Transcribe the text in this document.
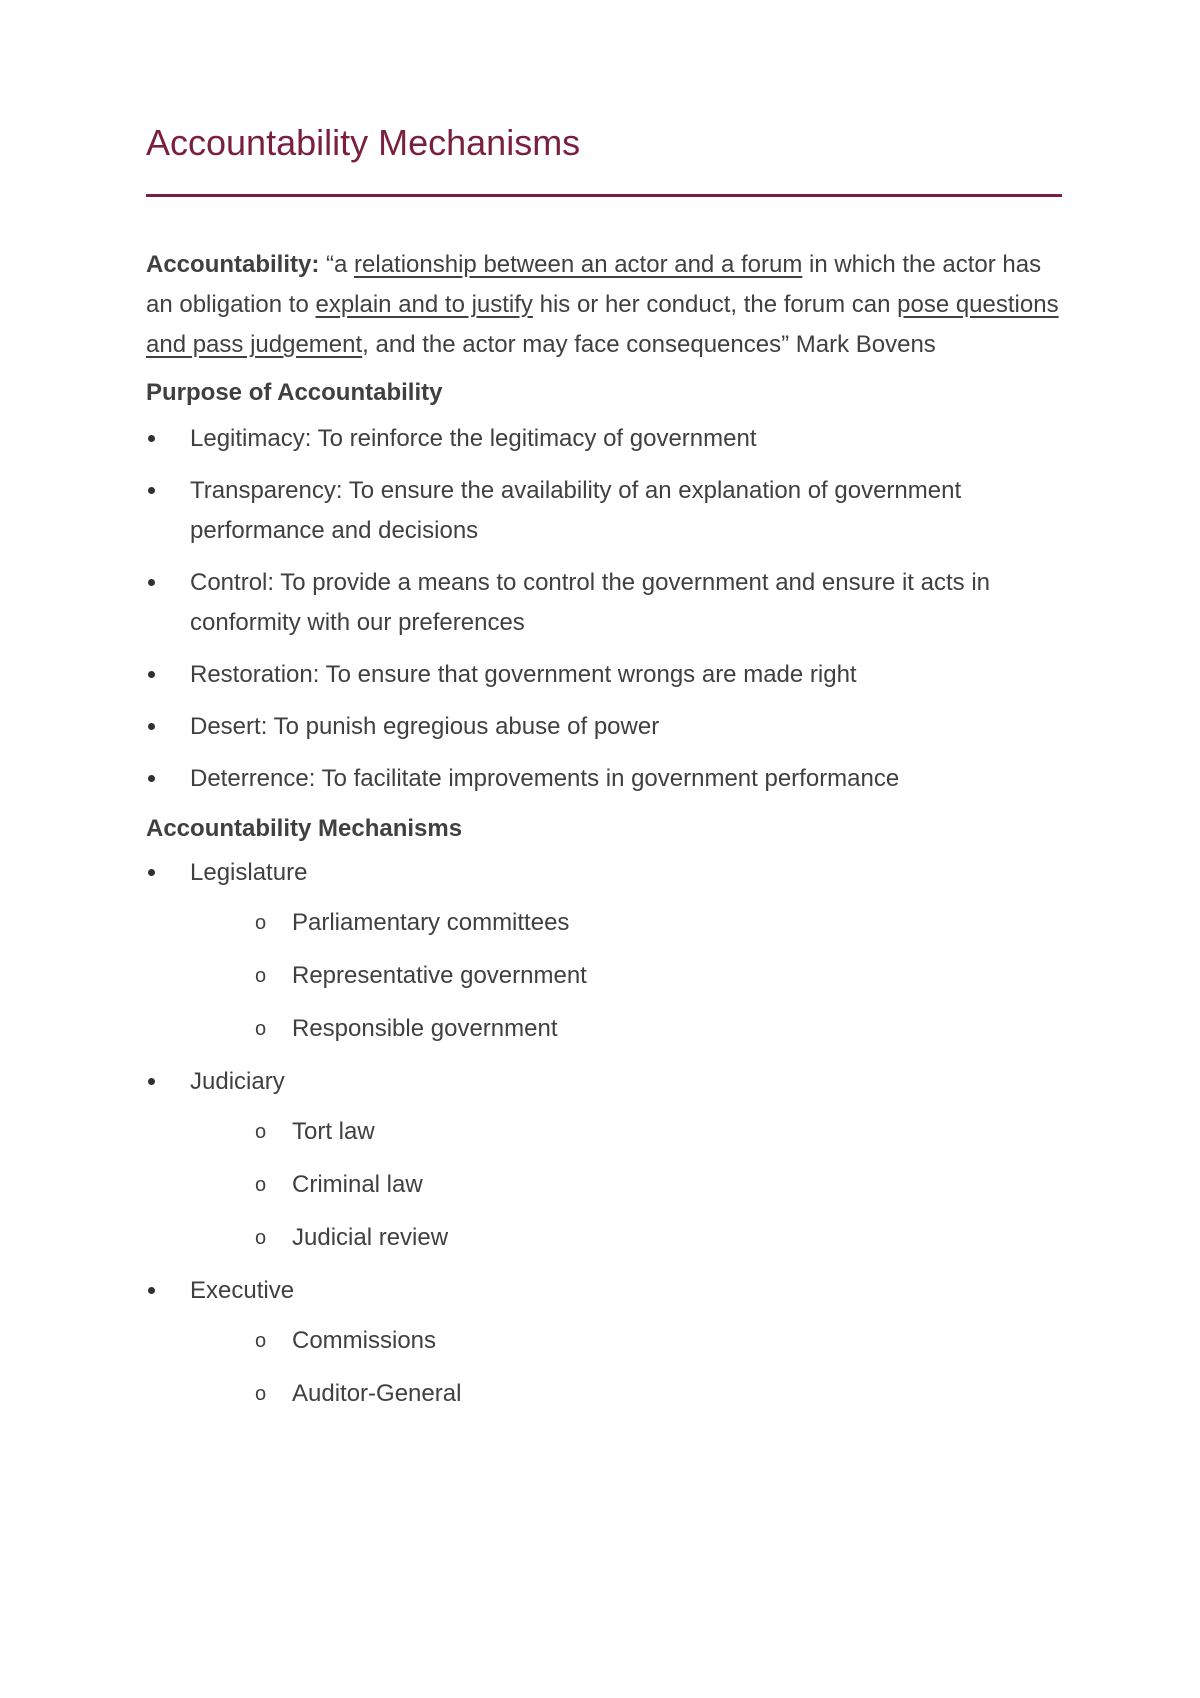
Accountability Mechanisms

Accountability: “a relationship between an actor and a forum in which the actor has an obligation to explain and to justify his or her conduct, the forum can pose questions and pass judgement, and the actor may face consequences” Mark Bovens

Purpose of Accountability

Legitimacy: To reinforce the legitimacy of government
Transparency: To ensure the availability of an explanation of government performance and decisions
Control: To provide a means to control the government and ensure it acts in conformity with our preferences
Restoration: To ensure that government wrongs are made right
Desert: To punish egregious abuse of power
Deterrence: To facilitate improvements in government performance

Accountability Mechanisms

Legislature
o Parliamentary committees
o Representative government
o Responsible government
Judiciary
o Tort law
o Criminal law
o Judicial review
Executive
o Commissions
o Auditor-General
